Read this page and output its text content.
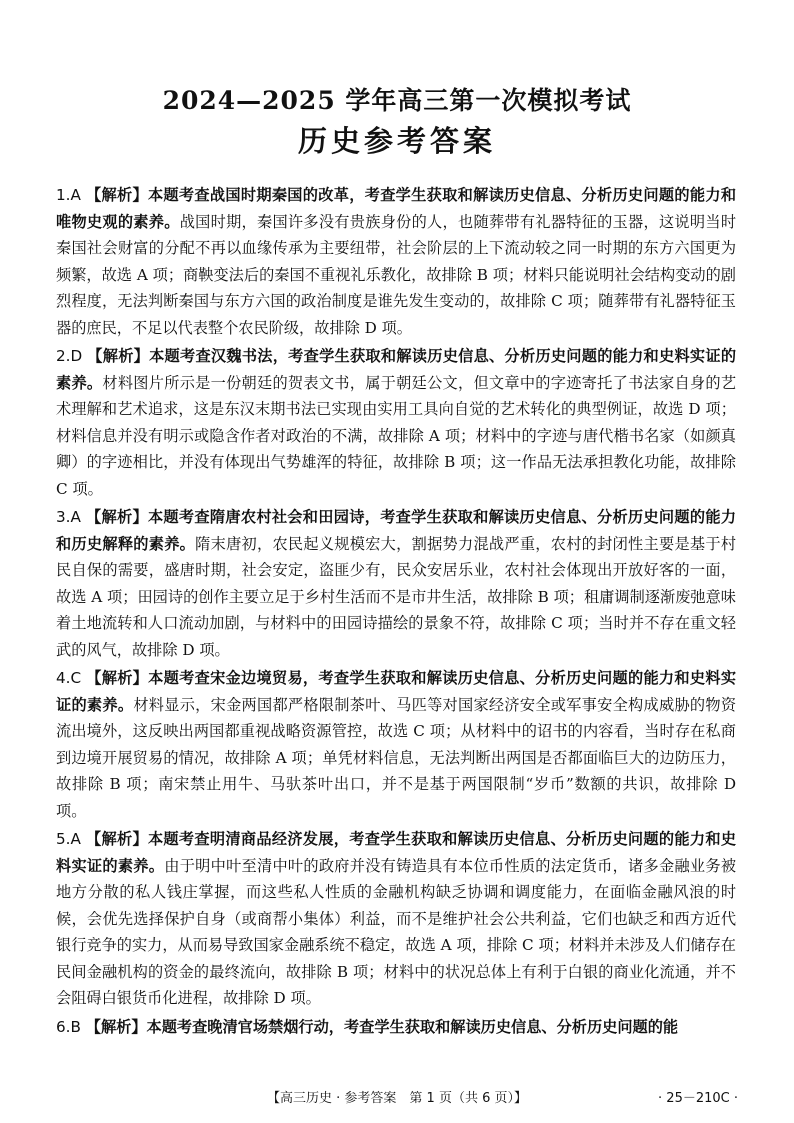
2024—2025 学年高三第一次模拟考试
历史参考答案
1.A 【解析】本题考查战国时期秦国的改革，考查学生获取和解读历史信息、分析历史问题的能力和唯物史观的素养。战国时期，秦国许多没有贵族身份的人，也随葬带有礼器特征的玉器，这说明当时秦国社会财富的分配不再以血缘传承为主要纽带，社会阶层的上下流动较之同一时期的东方六国更为频繁，故选 A 项；商鞅变法后的秦国不重视礼乐教化，故排除 B 项；材料只能说明社会结构变动的剧烈程度，无法判断秦国与东方六国的政治制度是谁先发生变动的，故排除 C 项；随葬带有礼器特征玉器的庶民，不足以代表整个农民阶级，故排除 D 项。
2.D 【解析】本题考查汉魏书法，考查学生获取和解读历史信息、分析历史问题的能力和史料实证的素养。材料图片所示是一份朝廷的贺表文书，属于朝廷公文，但文章中的字迹寄托了书法家自身的艺术理解和艺术追求，这是东汉末期书法已实现由实用工具向自觉的艺术转化的典型例证，故选 D 项；材料信息并没有明示或隐含作者对政治的不满，故排除 A 项；材料中的字迹与唐代楷书名家（如颜真卿）的字迹相比，并没有体现出气势雄浑的特征，故排除 B 项；这一作品无法承担教化功能，故排除 C 项。
3.A 【解析】本题考查隋唐农村社会和田园诗，考查学生获取和解读历史信息、分析历史问题的能力和历史解释的素养。隋末唐初，农民起义规模宏大，割据势力混战严重，农村的封闭性主要是基于村民自保的需要，盛唐时期，社会安定，盗匪少有，民众安居乐业，农村社会体现出开放好客的一面，故选 A 项；田园诗的创作主要立足于乡村生活而不是市井生活，故排除 B 项；租庸调制逐渐废弛意味着土地流转和人口流动加剧，与材料中的田园诗描绘的景象不符，故排除 C 项；当时并不存在重文轻武的风气，故排除 D 项。
4.C 【解析】本题考查宋金边境贸易，考查学生获取和解读历史信息、分析历史问题的能力和史料实证的素养。材料显示，宋金两国都严格限制茶叶、马匹等对国家经济安全或军事安全构成威胁的物资流出境外，这反映出两国都重视战略资源管控，故选 C 项；从材料中的诏书的内容看，当时存在私商到边境开展贸易的情况，故排除 A 项；单凭材料信息，无法判断出两国是否都面临巨大的边防压力，故排除 B 项；南宋禁止用牛、马驮茶叶出口，并不是基于两国限制“岁币”数额的共识，故排除 D 项。
5.A 【解析】本题考查明清商品经济发展，考查学生获取和解读历史信息、分析历史问题的能力和史料实证的素养。由于明中叶至清中叶的政府并没有铸造具有本位币性质的法定货币，诸多金融业务被地方分散的私人钱庄掌握，而这些私人性质的金融机构缺乏协调和调度能力，在面临金融风浪的时候，会优先选择保护自身（或商帮小集体）利益，而不是维护社会公共利益，它们也缺乏和西方近代银行竞争的实力，从而易导致国家金融系统不稳定，故选 A 项，排除 C 项；材料并未涉及人们储存在民间金融机构的资金的最终流向，故排除 B 项；材料中的状况总体上有利于白银的商业化流通，并不会阻碍白银货币化进程，故排除 D 项。
6.B 【解析】本题考查晚清官场禁烟行动，考查学生获取和解读历史信息、分析历史问题的能
【高三历史 · 参考答案　第 1 页（共 6 页）】	· 25－210C ·
